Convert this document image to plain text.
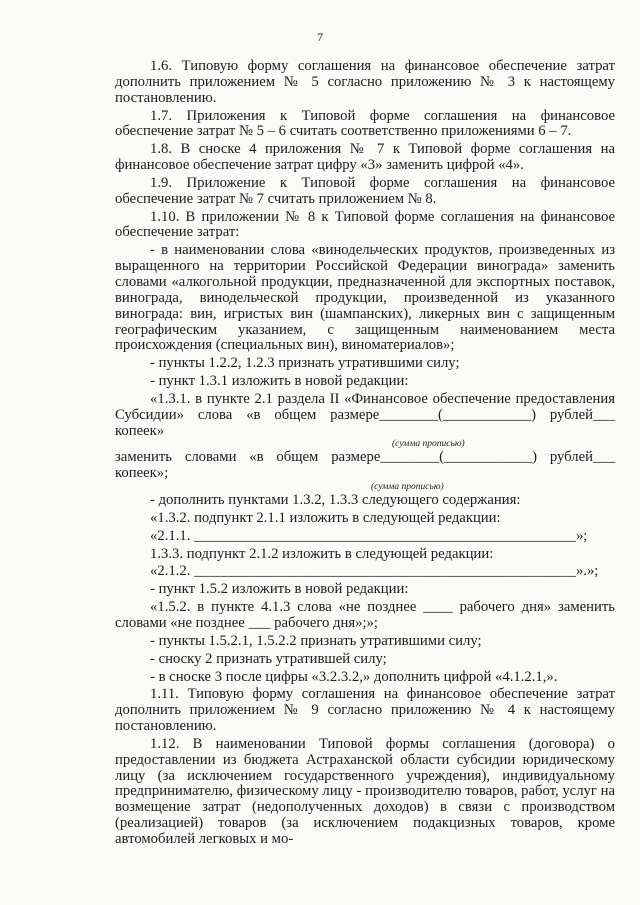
7

1.6. Типовую форму соглашения на финансовое обеспечение затрат дополнить приложением № 5 согласно приложению № 3 к настоящему постановлению.

1.7. Приложения к Типовой форме соглашения на финансовое обеспечение затрат № 5 – 6 считать соответственно приложениями 6 – 7.

1.8. В сноске 4 приложения № 7 к Типовой форме соглашения на финансовое обеспечение затрат цифру «3» заменить цифрой «4».

1.9. Приложение к Типовой форме соглашения на финансовое обеспечение затрат № 7 считать приложением № 8.

1.10. В приложении № 8 к Типовой форме соглашения на финансовое обеспечение затрат:

- в наименовании слова «винодельческих продуктов, произведенных из выращенного на территории Российской Федерации винограда» заменить словами «алкогольной продукции, предназначенной для экспортных поставок, винограда, винодельческой продукции, произведенной из указанного винограда: вин, игристых вин (шампанских), ликерных вин с защищенным географическим указанием, с защищенным наименованием места происхождения (специальных вин), виноматериалов»;

- пункты 1.2.2, 1.2.3 признать утратившими силу;

- пункт 1.3.1 изложить в новой редакции:

«1.3.1. в пункте 2.1 раздела II «Финансовое обеспечение предоставления Субсидии» слова «в общем размере________(____________) рублей___ копеек»

(сумма прописью)

заменить словами «в общем размере________(____________) рублей___ копеек»;

(сумма прописью)

- дополнить пунктами 1.3.2, 1.3.3 следующего содержания:

«1.3.2. подпункт 2.1.1 изложить в следующей редакции:

«2.1.1. ____________________________________________________»;

1.3.3. подпункт 2.1.2 изложить в следующей редакции:

«2.1.2. ____________________________________________________».»;

- пункт 1.5.2 изложить в новой редакции:

«1.5.2. в пункте 4.1.3 слова «не позднее ____ рабочего дня» заменить словами «не позднее ___ рабочего дня»;»;

- пункты 1.5.2.1, 1.5.2.2 признать утратившими силу;

- сноску 2 признать утратившей силу;

- в сноске 3 после цифры «3.2.3.2,» дополнить цифрой «4.1.2.1,».

1.11. Типовую форму соглашения на финансовое обеспечение затрат дополнить приложением № 9 согласно приложению № 4 к настоящему постановлению.

1.12. В наименовании Типовой формы соглашения (договора) о предоставлении из бюджета Астраханской области субсидии юридическому лицу (за исключением государственного учреждения), индивидуальному предпринимателю, физическому лицу - производителю товаров, работ, услуг на возмещение затрат (недополученных доходов) в связи с производством (реализацией) товаров (за исключением подакцизных товаров, кроме автомобилей легковых и мо-
